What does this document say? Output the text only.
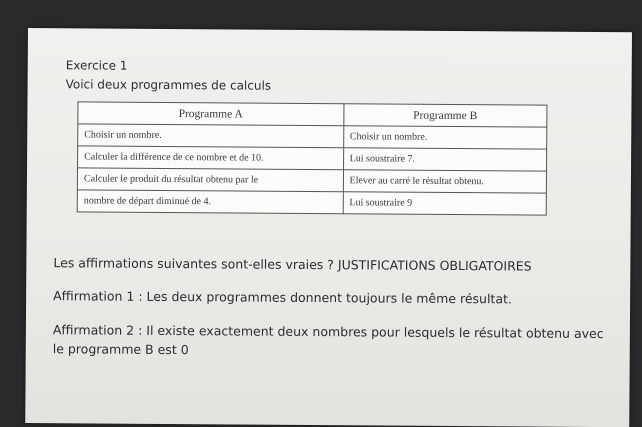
Exercice 1
Voici deux programmes de calculs
Programme A	Programme B
Choisir un nombre.	Choisir un nombre.
Calculer la différence de ce nombre et de 10.	Lui soustraire 7.
Calculer le produit du résultat obtenu par le	Elever au carré le résultat obtenu.
nombre de départ diminué de 4.	Lui soustraire 9
Les affirmations suivantes sont-elles vraies ? JUSTIFICATIONS OBLIGATOIRES
Affirmation 1 : Les deux programmes donnent toujours le même résultat.
Affirmation 2 : Il existe exactement deux nombres pour lesquels le résultat obtenu avec le programme B est 0
